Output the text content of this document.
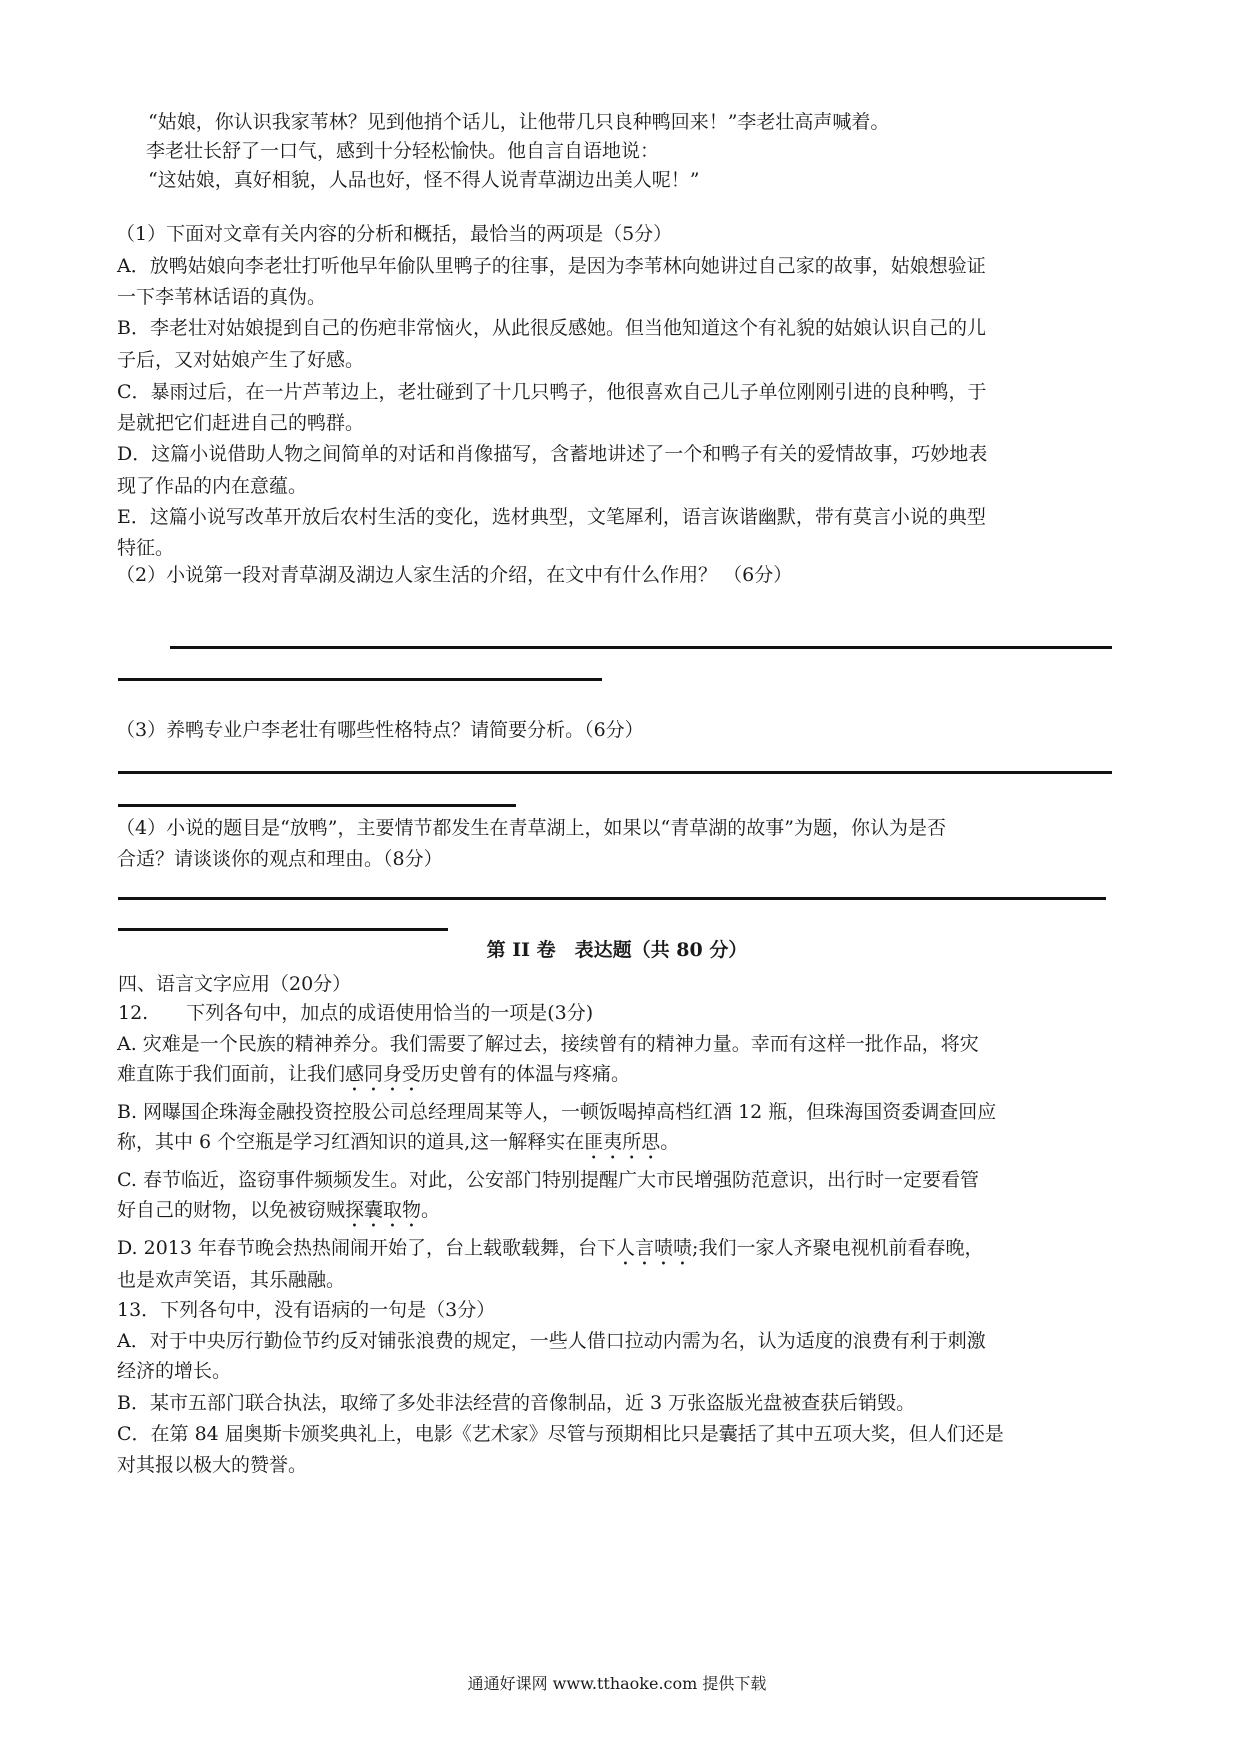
“姑娘，你认识我家苇林？见到他捎个话儿，让他带几只良种鸭回来！”李老壮高声喊着。
李老壮长舒了一口气，感到十分轻松愉快。他自言自语地说：
“这姑娘，真好相貌，人品也好，怪不得人说青草湖边出美人呢！”
（1）下面对文章有关内容的分析和概括，最恰当的两项是（5分）
A．放鸭姑娘向李老壮打听他早年偷队里鸭子的往事，是因为李苇林向她讲过自己家的故事，姑娘想验证
一下李苇林话语的真伪。
B．李老壮对姑娘提到自己的伤疤非常恼火，从此很反感她。但当他知道这个有礼貌的姑娘认识自己的儿
子后，又对姑娘产生了好感。
C．暴雨过后，在一片芦苇边上，老壮碰到了十几只鸭子，他很喜欢自己儿子单位刚刚引进的良种鸭，于
是就把它们赶进自己的鸭群。
D．这篇小说借助人物之间简单的对话和肖像描写，含蓄地讲述了一个和鸭子有关的爱情故事，巧妙地表
现了作品的内在意蕴。
E．这篇小说写改革开放后农村生活的变化，选材典型，文笔犀利，语言诙谐幽默，带有莫言小说的典型
特征。
（2）小说第一段对青草湖及湖边人家生活的介绍，在文中有什么作用？ （6分）
（3）养鸭专业户李老壮有哪些性格特点？请简要分析。（6分）
（4）小说的题目是“放鸭”，主要情节都发生在青草湖上，如果以“青草湖的故事”为题，你认为是否
合适？请谈谈你的观点和理由。（8分）
第 II 卷　表达题（共 80 分）
四、语言文字应用（20分）
12.　　下列各句中，加点的成语使用恰当的一项是(3分)
A. 灾难是一个民族的精神养分。我们需要了解过去，接续曾有的精神力量。幸而有这样一批作品，将灾
难直陈于我们面前，让我们感同身受历史曾有的体温与疼痛。
B. 网曝国企珠海金融投资控股公司总经理周某等人，一顿饭喝掉高档红酒 12 瓶，但珠海国资委调查回应
称，其中 6 个空瓶是学习红酒知识的道具,这一解释实在匪夷所思。
C. 春节临近，盗窃事件频频发生。对此，公安部门特别提醒广大市民增强防范意识，出行时一定要看管
好自己的财物，以免被窃贼探囊取物。
D. 2013 年春节晚会热热闹闹开始了，台上载歌载舞，台下人言啧啧;我们一家人齐聚电视机前看春晚，
也是欢声笑语，其乐融融。
13．下列各句中，没有语病的一句是（3分）
A．对于中央厉行勤俭节约反对铺张浪费的规定，一些人借口拉动内需为名，认为适度的浪费有利于刺激
经济的增长。
B．某市五部门联合执法，取缔了多处非法经营的音像制品，近 3 万张盗版光盘被查获后销毁。
C．在第 84 届奥斯卡颁奖典礼上，电影《艺术家》尽管与预期相比只是囊括了其中五项大奖，但人们还是
对其报以极大的赞誉。
通通好课网 www.tthaoke.com 提供下载
